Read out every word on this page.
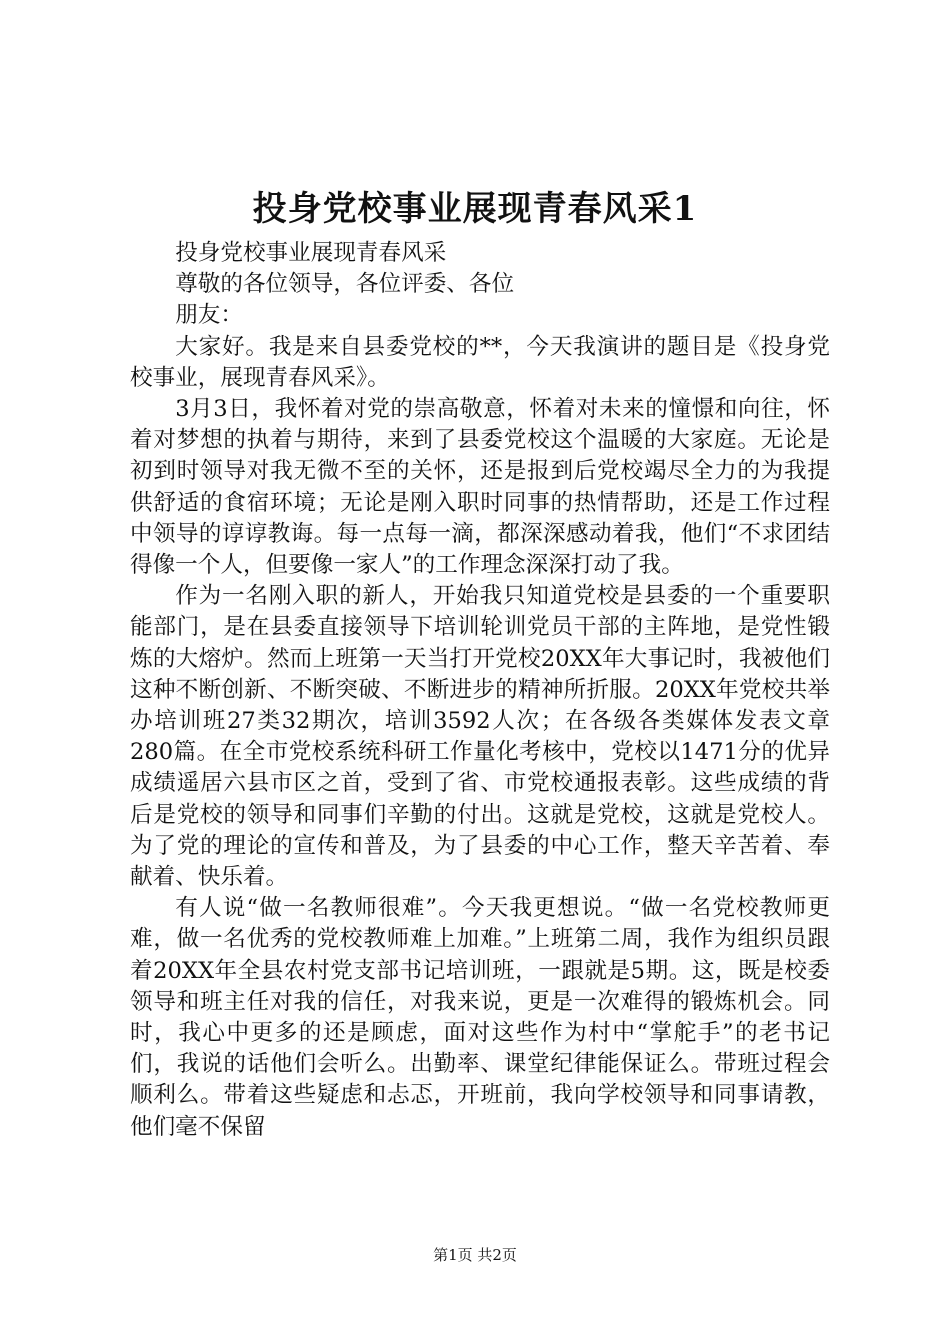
投身党校事业展现青春风采1

投身党校事业展现青春风采

尊敬的各位领导，各位评委、各位

朋友：

大家好。我是来自县委党校的**，今天我演讲的题目是《投身党校事业，展现青春风采》。

3月3日，我怀着对党的崇高敬意，怀着对未来的憧憬和向往，怀着对梦想的执着与期待，来到了县委党校这个温暖的大家庭。无论是初到时领导对我无微不至的关怀，还是报到后党校竭尽全力的为我提供舒适的食宿环境；无论是刚入职时同事的热情帮助，还是工作过程中领导的谆谆教诲。每一点每一滴，都深深感动着我，他们“不求团结得像一个人，但要像一家人”的工作理念深深打动了我。

作为一名刚入职的新人，开始我只知道党校是县委的一个重要职能部门，是在县委直接领导下培训轮训党员干部的主阵地，是党性锻炼的大熔炉。然而上班第一天当打开党校20XX年大事记时，我被他们这种不断创新、不断突破、不断进步的精神所折服。20XX年党校共举办培训班27类32期次，培训3592人次；在各级各类媒体发表文章280篇。在全市党校系统科研工作量化考核中，党校以1471分的优异成绩遥居六县市区之首，受到了省、市党校通报表彰。这些成绩的背后是党校的领导和同事们辛勤的付出。这就是党校，这就是党校人。为了党的理论的宣传和普及，为了县委的中心工作，整天辛苦着、奉献着、快乐着。

有人说“做一名教师很难”。今天我更想说。“做一名党校教师更难，做一名优秀的党校教师难上加难。”上班第二周，我作为组织员跟着20XX年全县农村党支部书记培训班，一跟就是5期。这，既是校委领导和班主任对我的信任，对我来说，更是一次难得的锻炼机会。同时，我心中更多的还是顾虑，面对这些作为村中“掌舵手”的老书记们，我说的话他们会听么。出勤率、课堂纪律能保证么。带班过程会顺利么。带着这些疑虑和忐忑，开班前，我向学校领导和同事请教，他们毫不保留

第1页 共2页
